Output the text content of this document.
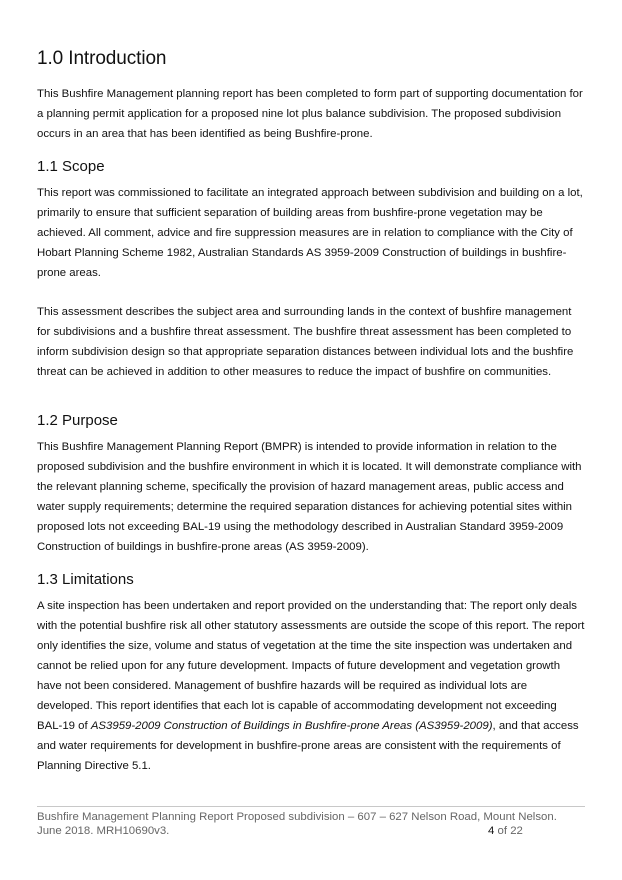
1.0 Introduction

This Bushfire Management planning report has been completed to form part of supporting documentation for a planning permit application for a proposed nine lot plus balance subdivision. The proposed subdivision occurs in an area that has been identified as being Bushfire-prone.

1.1 Scope

This report was commissioned to facilitate an integrated approach between subdivision and building on a lot, primarily to ensure that sufficient separation of building areas from bushfire-prone vegetation may be achieved. All comment, advice and fire suppression measures are in relation to compliance with the City of Hobart Planning Scheme 1982, Australian Standards AS 3959-2009 Construction of buildings in bushfire-prone areas.

This assessment describes the subject area and surrounding lands in the context of bushfire management for subdivisions and a bushfire threat assessment. The bushfire threat assessment has been completed to inform subdivision design so that appropriate separation distances between individual lots and the bushfire threat can be achieved in addition to other measures to reduce the impact of bushfire on communities.

1.2 Purpose

This Bushfire Management Planning Report (BMPR) is intended to provide information in relation to the proposed subdivision and the bushfire environment in which it is located. It will demonstrate compliance with the relevant planning scheme, specifically the provision of hazard management areas, public access and water supply requirements; determine the required separation distances for achieving potential sites within proposed lots not exceeding BAL-19 using the methodology described in Australian Standard 3959-2009 Construction of buildings in bushfire-prone areas (AS 3959-2009).

1.3 Limitations

A site inspection has been undertaken and report provided on the understanding that: The report only deals with the potential bushfire risk all other statutory assessments are outside the scope of this report. The report only identifies the size, volume and status of vegetation at the time the site inspection was undertaken and cannot be relied upon for any future development. Impacts of future development and vegetation growth have not been considered. Management of bushfire hazards will be required as individual lots are developed. This report identifies that each lot is capable of accommodating development not exceeding BAL-19 of AS3959-2009 Construction of Buildings in Bushfire-prone Areas (AS3959-2009), and that access and water requirements for development in bushfire-prone areas are consistent with the requirements of Planning Directive 5.1.

Bushfire Management Planning Report Proposed subdivision – 607 – 627 Nelson Road, Mount Nelson.
June 2018. MRH10690v3.	4 of 22
